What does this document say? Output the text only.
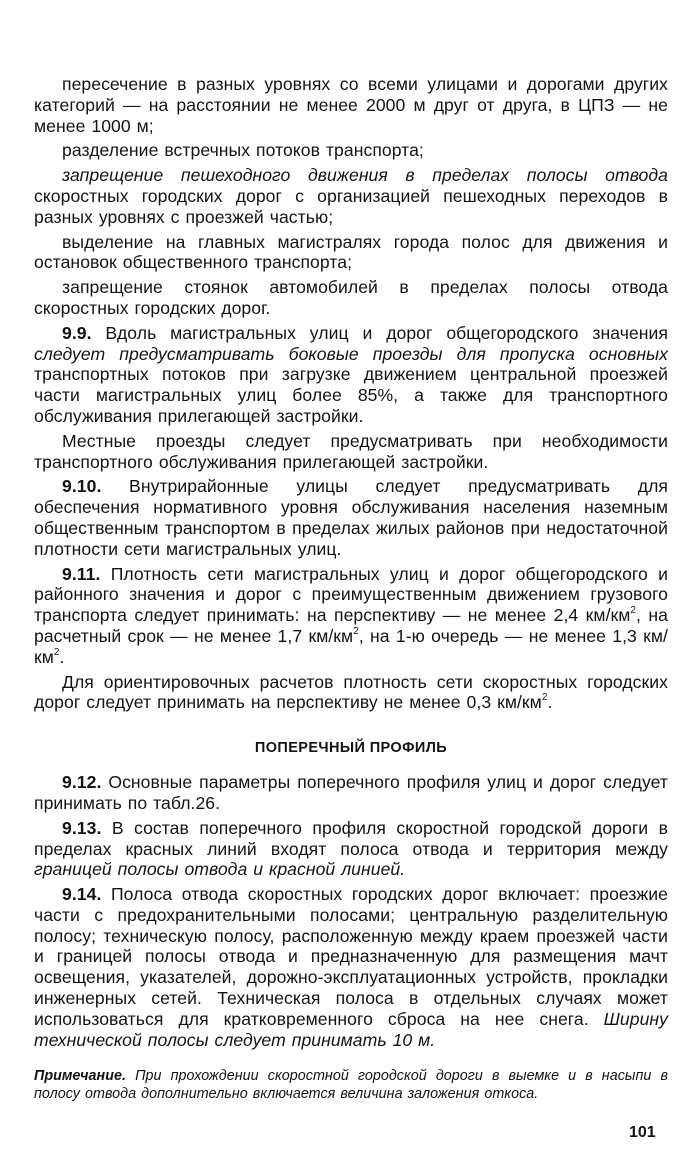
пересечение в разных уровнях со всеми улицами и дорогами других категорий — на расстоянии не менее 2000 м друг от друга, в ЦПЗ — не менее 1000 м;

разделение встречных потоков транспорта;

запрещение пешеходного движения в пределах полосы отвода скоростных городских дорог с организацией пешеходных переходов в разных уровнях с проезжей частью;

выделение на главных магистралях города полос для движения и остановок общественного транспорта;

запрещение стоянок автомобилей в пределах полосы отвода скоростных городских дорог.

9.9. Вдоль магистральных улиц и дорог общегородского значения следует предусматривать боковые проезды для пропуска основных транспортных потоков при загрузке движением центральной проезжей части магистральных улиц более 85%, а также для транспортного обслуживания прилегающей застройки.

Местные проезды следует предусматривать при необходимости транспортного обслуживания прилегающей застройки.

9.10. Внутрирайонные улицы следует предусматривать для обеспечения нормативного уровня обслуживания населения наземным общественным транспортом в пределах жилых районов при недостаточной плотности сети магистральных улиц.

9.11. Плотность сети магистральных улиц и дорог общегородского и районного значения и дорог с преимущественным движением грузового транспорта следует принимать: на перспективу — не менее 2,4 $км/км^2$, на расчетный срок — не менее 1,7 $км/км^2$, на 1-ю очередь — не менее 1,3 $км/км^2$.

Для ориентировочных расчетов плотность сети скоростных городских дорог следует принимать на перспективу не менее 0,3 $км/км^2$.

ПОПЕРЕЧНЫЙ ПРОФИЛЬ

9.12. Основные параметры поперечного профиля улиц и дорог следует принимать по табл.26.

9.13. В состав поперечного профиля скоростной городской дороги в пределах красных линий входят полоса отвода и территория между границей полосы отвода и красной линией.

9.14. Полоса отвода скоростных городских дорог включает: проезжие части с предохранительными полосами; центральную разделительную полосу; техническую полосу, расположенную между краем проезжей части и границей полосы отвода и предназначенную для размещения мачт освещения, указателей, дорожно-эксплуатационных устройств, прокладки инженерных сетей. Техническая полоса в отдельных случаях может использоваться для кратковременного сброса на нее снега. Ширину технической полосы следует принимать 10 м.

Примечание. При прохождении скоростной городской дороги в выемке и в насыпи в полосу отвода дополнительно включается величина заложения откоса.

101
